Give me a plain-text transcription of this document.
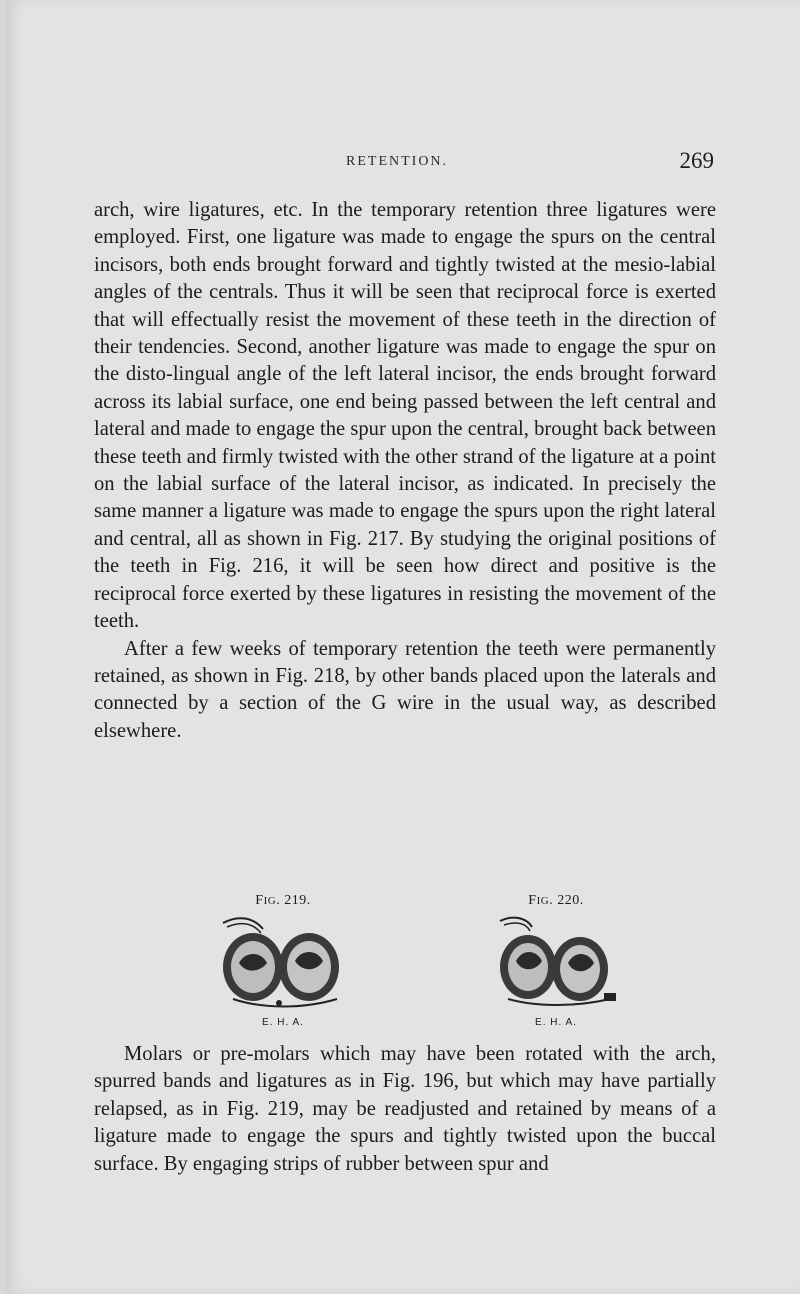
RETENTION.	269

arch, wire ligatures, etc. In the temporary retention three ligatures were employed. First, one ligature was made to engage the spurs on the central incisors, both ends brought forward and tightly twisted at the mesio-labial angles of the centrals. Thus it will be seen that reciprocal force is exerted that will effectually resist the movement of these teeth in the direction of their tendencies. Second, another ligature was made to engage the spur on the disto-lingual angle of the left lateral incisor, the ends brought forward across its labial surface, one end being passed between the left central and lateral and made to engage the spur upon the central, brought back between these teeth and firmly twisted with the other strand of the ligature at a point on the labial surface of the lateral incisor, as indicated. In precisely the same manner a ligature was made to engage the spurs upon the right lateral and central, all as shown in Fig. 217. By studying the original positions of the teeth in Fig. 216, it will be seen how direct and positive is the reciprocal force exerted by these ligatures in resisting the movement of the teeth.

After a few weeks of temporary retention the teeth were permanently retained, as shown in Fig. 218, by other bands placed upon the laterals and connected by a section of the G wire in the usual way, as described elsewhere.

FIG. 219.
E. H. A.
FIG. 220.
E. H. A.

Molars or pre-molars which may have been rotated with the arch, spurred bands and ligatures as in Fig. 196, but which may have partially relapsed, as in Fig. 219, may be readjusted and retained by means of a ligature made to engage the spurs and tightly twisted upon the buccal surface. By engaging strips of rubber between spur and
